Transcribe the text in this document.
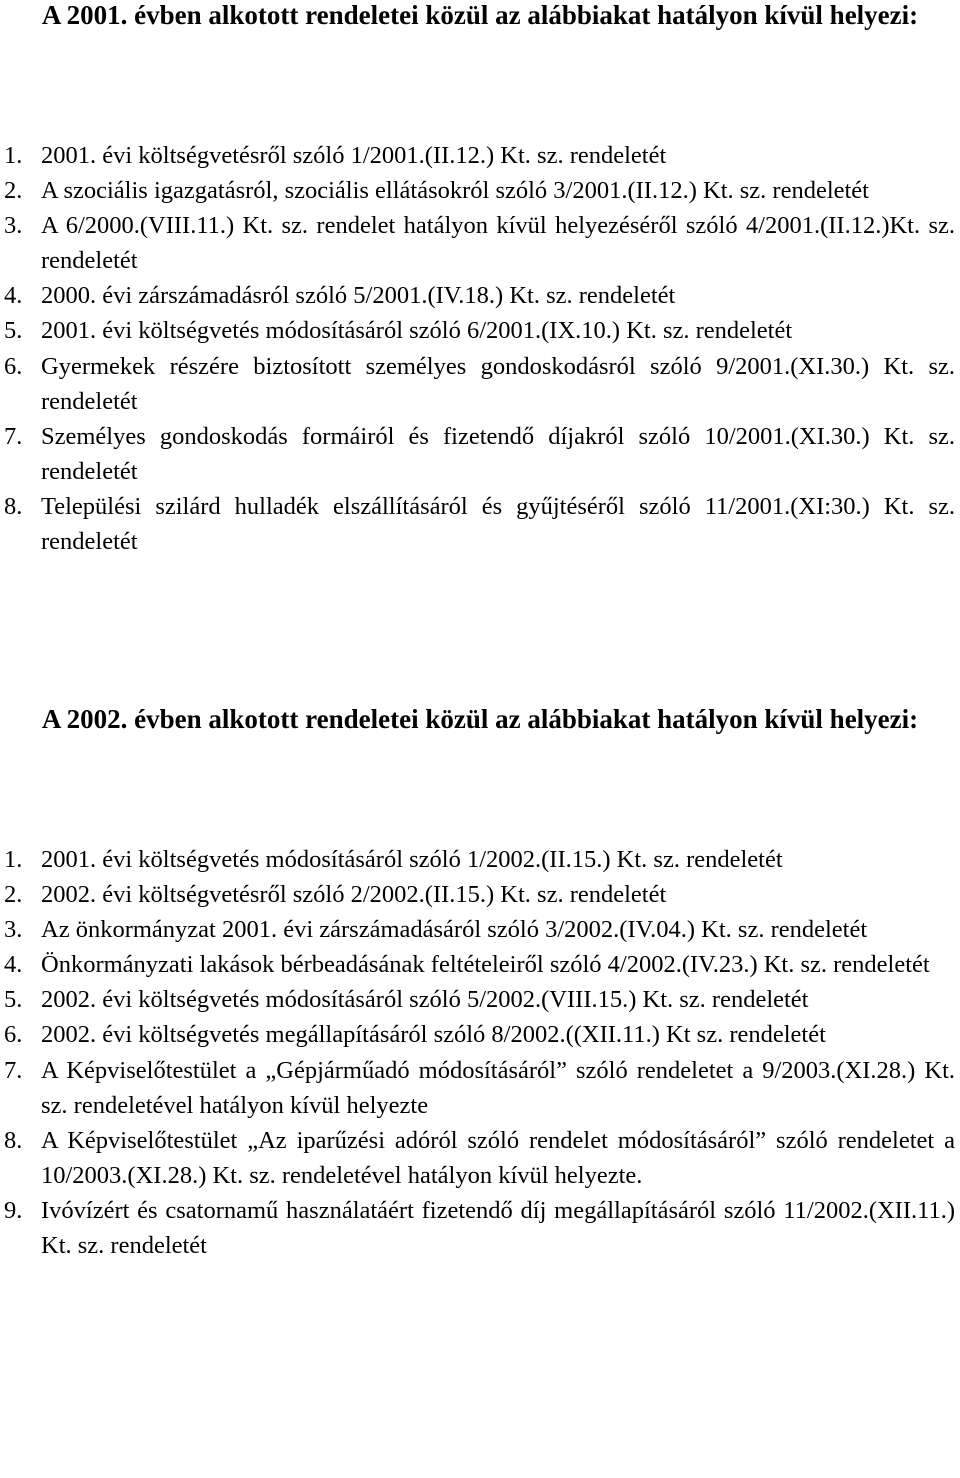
A 2001. évben alkotott rendeletei közül az alábbiakat hatályon kívül helyezi:
1. 2001. évi költségvetésről szóló 1/2001.(II.12.) Kt. sz. rendeletét
2. A szociális igazgatásról, szociális ellátásokról szóló 3/2001.(II.12.) Kt. sz. rendeletét
3. A 6/2000.(VIII.11.) Kt. sz. rendelet hatályon kívül helyezéséről szóló 4/2001.(II.12.)Kt. sz. rendeletét
4. 2000. évi zárszámadásról szóló 5/2001.(IV.18.) Kt. sz. rendeletét
5. 2001. évi költségvetés módosításáról szóló 6/2001.(IX.10.) Kt. sz. rendeletét
6. Gyermekek részére biztosított személyes gondoskodásról szóló 9/2001.(XI.30.) Kt. sz. rendeletét
7. Személyes gondoskodás formáiról és fizetendő díjakról szóló 10/2001.(XI.30.) Kt. sz. rendeletét
8. Települési szilárd hulladék elszállításáról és gyűjtéséről szóló 11/2001.(XI:30.) Kt. sz. rendeletét
A 2002. évben alkotott rendeletei közül az alábbiakat hatályon kívül helyezi:
1. 2001. évi költségvetés módosításáról szóló 1/2002.(II.15.) Kt. sz. rendeletét
2. 2002. évi költségvetésről szóló 2/2002.(II.15.) Kt. sz. rendeletét
3. Az önkormányzat 2001. évi zárszámadásáról szóló 3/2002.(IV.04.) Kt. sz. rendeletét
4. Önkormányzati lakások bérbeadásának feltételeiről szóló 4/2002.(IV.23.) Kt. sz. rendeletét
5. 2002. évi költségvetés módosításáról szóló 5/2002.(VIII.15.) Kt. sz. rendeletét
6. 2002. évi költségvetés megállapításáról szóló 8/2002.((XII.11.) Kt sz. rendeletét
7. A Képviselőtestület a „Gépjárműadó módosításáról” szóló rendeletet a 9/2003.(XI.28.) Kt. sz. rendeletével hatályon kívül helyezte
8. A Képviselőtestület „Az iparűzési adóról szóló rendelet módosításáról” szóló rendeletet a 10/2003.(XI.28.) Kt. sz. rendeletével hatályon kívül helyezte.
9. Ivóvízért és csatornamű használatáért fizetendő díj megállapításáról szóló 11/2002.(XII.11.) Kt. sz. rendeletét
